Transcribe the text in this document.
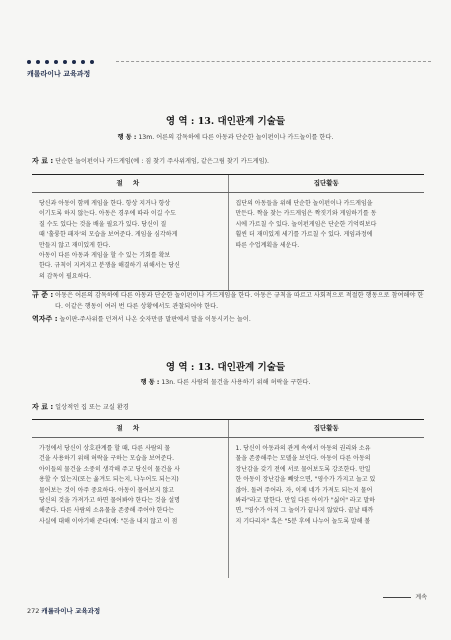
캐롤라이나 교육과정
영 역 : 13. 대인관계 기술들
행 동 : 13m. 어른의 감독하에 다른 아동과 단순한 놀이펀이나 카드놀이를 한다.
자 료 : 단순한 놀이펀이나 카드게임(예 : 짐 찾기 주사위게임, 같은그림 찾기 카드게임).
절 차	집단활동

당신과 아동이 함께 게임을 한다. 항상 지거나 항상
이기도록 하지 않는다. 아동은 경우에 따라 이길 수도
질 수도 있다는 것을 배울 필요가 있다. 당신이 질
때 '훌륭한 패자'의 모습을 보여준다. 게임을 심각하게
만들지 않고 재미있게 한다.
아동이 다른 아동과 게임을 할 수 있는 기회를 확보
한다. 규칙이 지켜지고 분쟁을 해결하기 위해서는 당신
의 감독이 필요하다.

집단의 아동들을 위해 단순한 놀이펀이나 카드게임을
만든다. 짝을 찾는 카드게임은 짝짓기와 게임하기를 동
시에 가르칠 수 있다. 놀이펀게임은 단순한 기억력보다
훨씬 더 재미있게 세기를 가르칠 수 있다. 게임과정에
따른 수업계획을 세운다.

규 준 : 아동은 어른의 감독하에 다른 아동과 단순한 놀이펀이나 카드게임을 한다. 아동은 규칙을 따르고 사회적으로 적절한 행동으로 참여해야 한다. 이같은 행동이 여러 번 다른 상황에서도 관찰되어야 한다.
역자주 : 놀이판-주사위를 던져서 나온 숫자만큼 말판에서 말을 이동시키는 놀이.
영 역 : 13. 대인관계 기술들
행 동 : 13n. 다른 사람의 물건을 사용하기 위해 허락을 구한다.
자 료 : 일상적인 집 또는 교실 환경
절 차	집단활동

가정에서 당신이 상호관계를 할 때, 다른 사람의 물
건을 사용하기 위해 허락을 구하는 모습을 보여준다.
아이들의 물건을 소중히 생각해 주고 당신이 물건을 사
용할 수 있는지(또는 옮겨도 되는지, 나누어도 되는지)
물어보는 것이 아주 중요하다. 아동이 물어보지 않고
당신의 것을 가져가고 하면 물어봐야 한다는 것을 설명
해준다. 다른 사람의 소유물을 존중해 주어야 한다는
사실에 대해 이야기해 준다(예: "돈을 내지 않고 이 점

1. 당신이 아동과의 관계 속에서 아동의 권리와 소유
물을 존중해주는 모델을 보인다. 아동이 다른 아동의
장난감을 갖기 전에 서로 물어보도록 강조한다. 만일
한 아동이 장난감을 빼앗으면, "영수가 가지고 놀고 있
잖아. 돌려 주어라. 자, 이제 네가 가져도 되는지 물어
봐라"라고 말한다. 만일 다른 아이가 "싫어" 라고 말하
면, "영수가 아직 그 놀이가 끝나지 않았다. 끝날 때까
지 기다리자" 혹은 "5분 후에 나누어 놀도록 말해 볼

계속
272 캐롤라이나 교육과정
